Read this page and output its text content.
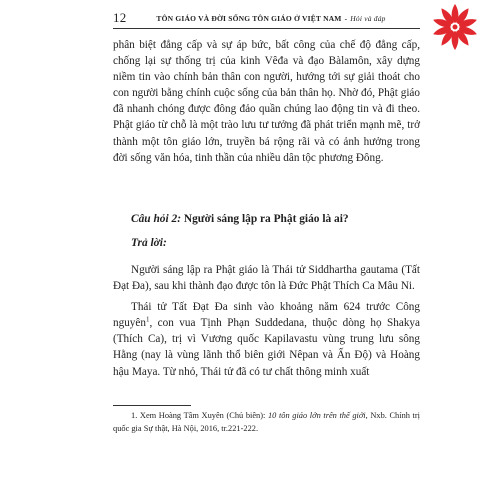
12	TÔN GIÁO VÀ ĐỜI SỐNG TÔN GIÁO Ở VIỆT NAM - Hỏi và đáp

phân biệt đẳng cấp và sự áp bức, bất công của chế độ đẳng cấp, chống lại sự thống trị của kinh Vêđa và đạo Bàlamôn, xây dựng niềm tin vào chính bản thân con người, hướng tới sự giải thoát cho con người bằng chính cuộc sống của bản thân họ. Nhờ đó, Phật giáo đã nhanh chóng được đông đảo quần chúng lao động tin và đi theo. Phật giáo từ chỗ là một trào lưu tư tưởng đã phát triển mạnh mẽ, trở thành một tôn giáo lớn, truyền bá rộng rãi và có ảnh hưởng trong đời sống văn hóa, tinh thần của nhiều dân tộc phương Đông.

Câu hỏi 2: Người sáng lập ra Phật giáo là ai?
Trả lời:

Người sáng lập ra Phật giáo là Thái tử Siddhartha gautama (Tất Đạt Đa), sau khi thành đạo được tôn là Đức Phật Thích Ca Mâu Ni.

Thái tử Tất Đạt Đa sinh vào khoảng năm 624 trước Công nguyên$^1$, con vua Tịnh Phạn Suddedana, thuộc dòng họ Shakya (Thích Ca), trị vì Vương quốc Kapilavastu vùng trung lưu sông Hằng (nay là vùng lãnh thổ biên giới Nêpan và Ấn Độ) và Hoàng hậu Maya. Từ nhỏ, Thái tử đã có tư chất thông minh xuất

1. Xem Hoàng Tâm Xuyên (Chủ biên): 10 tôn giáo lớn trên thế giới, Nxb. Chính trị quốc gia Sự thật, Hà Nội, 2016, tr.221-222.
